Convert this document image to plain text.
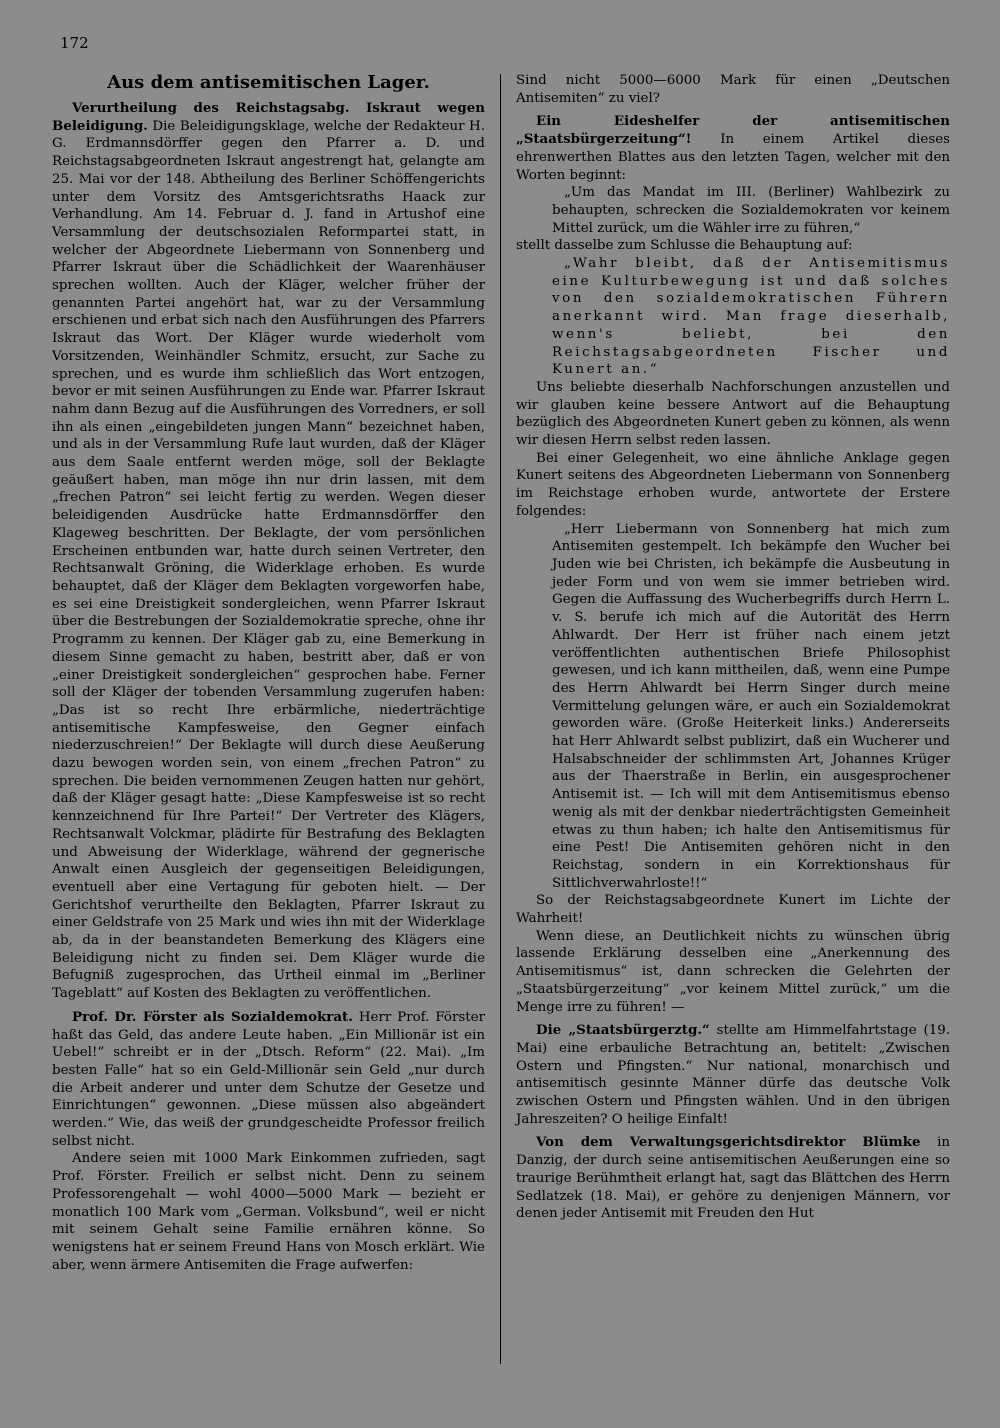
172
Aus dem antisemitischen Lager.

Verurtheilung des Reichstagsabg. Iskraut wegen Beleidigung. Die Beleidigungsklage, welche der Redakteur H. G. Erdmannsdörffer gegen den Pfarrer a. D. und Reichstagsabgeordneten Iskraut angestrengt hat, gelangte am 25. Mai vor der 148. Abtheilung des Berliner Schöffengerichts unter dem Vorsitz des Amtsgerichtsraths Haack zur Verhandlung. Am 14. Februar d. J. fand in Artushof eine Versammlung der deutschsozialen Reformpartei statt, in welcher der Abgeordnete Liebermann von Sonnenberg und Pfarrer Iskraut über die Schädlichkeit der Waarenhäuser sprechen wollten. Auch der Kläger, welcher früher der genannten Partei angehört hat, war zu der Versammlung erschienen und erbat sich nach den Ausführungen des Pfarrers Iskraut das Wort. Der Kläger wurde wiederholt vom Vorsitzenden, Weinhändler Schmitz, ersucht, zur Sache zu sprechen, und es wurde ihm schließlich das Wort entzogen, bevor er mit seinen Ausführungen zu Ende war. Pfarrer Iskraut nahm dann Bezug auf die Ausführungen des Vorredners, er soll ihn als einen „eingebildeten jungen Mann“ bezeichnet haben, und als in der Versammlung Rufe laut wurden, daß der Kläger aus dem Saale entfernt werden möge, soll der Beklagte geäußert haben, man möge ihn nur drin lassen, mit dem „frechen Patron“ sei leicht fertig zu werden. Wegen dieser beleidigenden Ausdrücke hatte Erdmannsdörffer den Klageweg beschritten. Der Beklagte, der vom persönlichen Erscheinen entbunden war, hatte durch seinen Vertreter, den Rechtsanwalt Gröning, die Widerklage erhoben. Es wurde behauptet, daß der Kläger dem Beklagten vorgeworfen habe, es sei eine Dreistigkeit sondergleichen, wenn Pfarrer Iskraut über die Bestrebungen der Sozialdemokratie spreche, ohne ihr Programm zu kennen. Der Kläger gab zu, eine Bemerkung in diesem Sinne gemacht zu haben, bestritt aber, daß er von „einer Dreistigkeit sondergleichen“ gesprochen habe. Ferner soll der Kläger der tobenden Versammlung zugerufen haben: „Das ist so recht Ihre erbärmliche, niederträchtige antisemitische Kampfesweise, den Gegner einfach niederzuschreien!“ Der Beklagte will durch diese Aeußerung dazu bewogen worden sein, von einem „frechen Patron“ zu sprechen. Die beiden vernommenen Zeugen hatten nur gehört, daß der Kläger gesagt hatte: „Diese Kampfesweise ist so recht kennzeichnend für Ihre Partei!“ Der Vertreter des Klägers, Rechtsanwalt Volckmar, plädirte für Bestrafung des Beklagten und Abweisung der Widerklage, während der gegnerische Anwalt einen Ausgleich der gegenseitigen Beleidigungen, eventuell aber eine Vertagung für geboten hielt. — Der Gerichtshof verurtheilte den Beklagten, Pfarrer Iskraut zu einer Geldstrafe von 25 Mark und wies ihn mit der Widerklage ab, da in der beanstandeten Bemerkung des Klägers eine Beleidigung nicht zu finden sei. Dem Kläger wurde die Befugniß zugesprochen, das Urtheil einmal im „Berliner Tageblatt“ auf Kosten des Beklagten zu veröffentlichen.

Prof. Dr. Förster als Sozialdemokrat. Herr Prof. Förster haßt das Geld, das andere Leute haben. „Ein Millionär ist ein Uebel!“ schreibt er in der „Dtsch. Reform“ (22. Mai). „Im besten Falle“ hat so ein Geld-Millionär sein Geld „nur durch die Arbeit anderer und unter dem Schutze der Gesetze und Einrichtungen“ gewonnen. „Diese müssen also abgeändert werden.“ Wie, das weiß der grundgescheidte Professor freilich selbst nicht.

Andere seien mit 1000 Mark Einkommen zufrieden, sagt Prof. Förster. Freilich er selbst nicht. Denn zu seinem Professorengehalt — wohl 4000—5000 Mark — bezieht er monatlich 100 Mark vom „German. Volksbund“, weil er nicht mit seinem Gehalt seine Familie ernähren könne. So wenigstens hat er seinem Freund Hans von Mosch erklärt. Wie aber, wenn ärmere Antisemiten die Frage aufwerfen:

Sind nicht 5000—6000 Mark für einen „Deutschen Antisemiten“ zu viel?

Ein Eideshelfer der antisemitischen „Staatsbürgerzeitung“! In einem Artikel dieses ehrenwerthen Blattes aus den letzten Tagen, welcher mit den Worten beginnt:

„Um das Mandat im III. (Berliner) Wahlbezirk zu behaupten, schrecken die Sozialdemokraten vor keinem Mittel zurück, um die Wähler irre zu führen,“

stellt dasselbe zum Schlusse die Behauptung auf:

„Wahr bleibt, daß der Antisemitismus eine Kulturbewegung ist und daß solches von den sozialdemokratischen Führern anerkannt wird. Man frage dieserhalb, wenn's beliebt, bei den Reichstagsabgeordneten Fischer und Kunert an.“

Uns beliebte dieserhalb Nachforschungen anzustellen und wir glauben keine bessere Antwort auf die Behauptung bezüglich des Abgeordneten Kunert geben zu können, als wenn wir diesen Herrn selbst reden lassen.

Bei einer Gelegenheit, wo eine ähnliche Anklage gegen Kunert seitens des Abgeordneten Liebermann von Sonnenberg im Reichstage erhoben wurde, antwortete der Erstere folgendes:

„Herr Liebermann von Sonnenberg hat mich zum Antisemiten gestempelt. Ich bekämpfe den Wucher bei Juden wie bei Christen, ich bekämpfe die Ausbeutung in jeder Form und von wem sie immer betrieben wird. Gegen die Auffassung des Wucherbegriffs durch Herrn L. v. S. berufe ich mich auf die Autorität des Herrn Ahlwardt. Der Herr ist früher nach einem jetzt veröffentlichten authentischen Briefe Philosophist gewesen, und ich kann mittheilen, daß, wenn eine Pumpe des Herrn Ahlwardt bei Herrn Singer durch meine Vermittelung gelungen wäre, er auch ein Sozialdemokrat geworden wäre. (Große Heiterkeit links.) Andererseits hat Herr Ahlwardt selbst publizirt, daß ein Wucherer und Halsabschneider der schlimmsten Art, Johannes Krüger aus der Thaerstraße in Berlin, ein ausgesprochener Antisemit ist. — Ich will mit dem Antisemitismus ebenso wenig als mit der denkbar niederträchtigsten Gemeinheit etwas zu thun haben; ich halte den Antisemitismus für eine Pest! Die Antisemiten gehören nicht in den Reichstag, sondern in ein Korrektionshaus für Sittlichverwahrloste!!“

So der Reichstagsabgeordnete Kunert im Lichte der Wahrheit!

Wenn diese, an Deutlichkeit nichts zu wünschen übrig lassende Erklärung desselben eine „Anerkennung des Antisemitismus“ ist, dann schrecken die Gelehrten der „Staatsbürgerzeitung“ „vor keinem Mittel zurück,“ um die Menge irre zu führen! —

Die „Staatsbürgerztg.“ stellte am Himmelfahrtstage (19. Mai) eine erbauliche Betrachtung an, betitelt: „Zwischen Ostern und Pfingsten.“ Nur national, monarchisch und antisemitisch gesinnte Männer dürfe das deutsche Volk zwischen Ostern und Pfingsten wählen. Und in den übrigen Jahreszeiten? O heilige Einfalt!

Von dem Verwaltungsgerichtsdirektor Blümke in Danzig, der durch seine antisemitischen Aeußerungen eine so traurige Berühmtheit erlangt hat, sagt das Blättchen des Herrn Sedlatzek (18. Mai), er gehöre zu denjenigen Männern, vor denen jeder Antisemit mit Freuden den Hut
